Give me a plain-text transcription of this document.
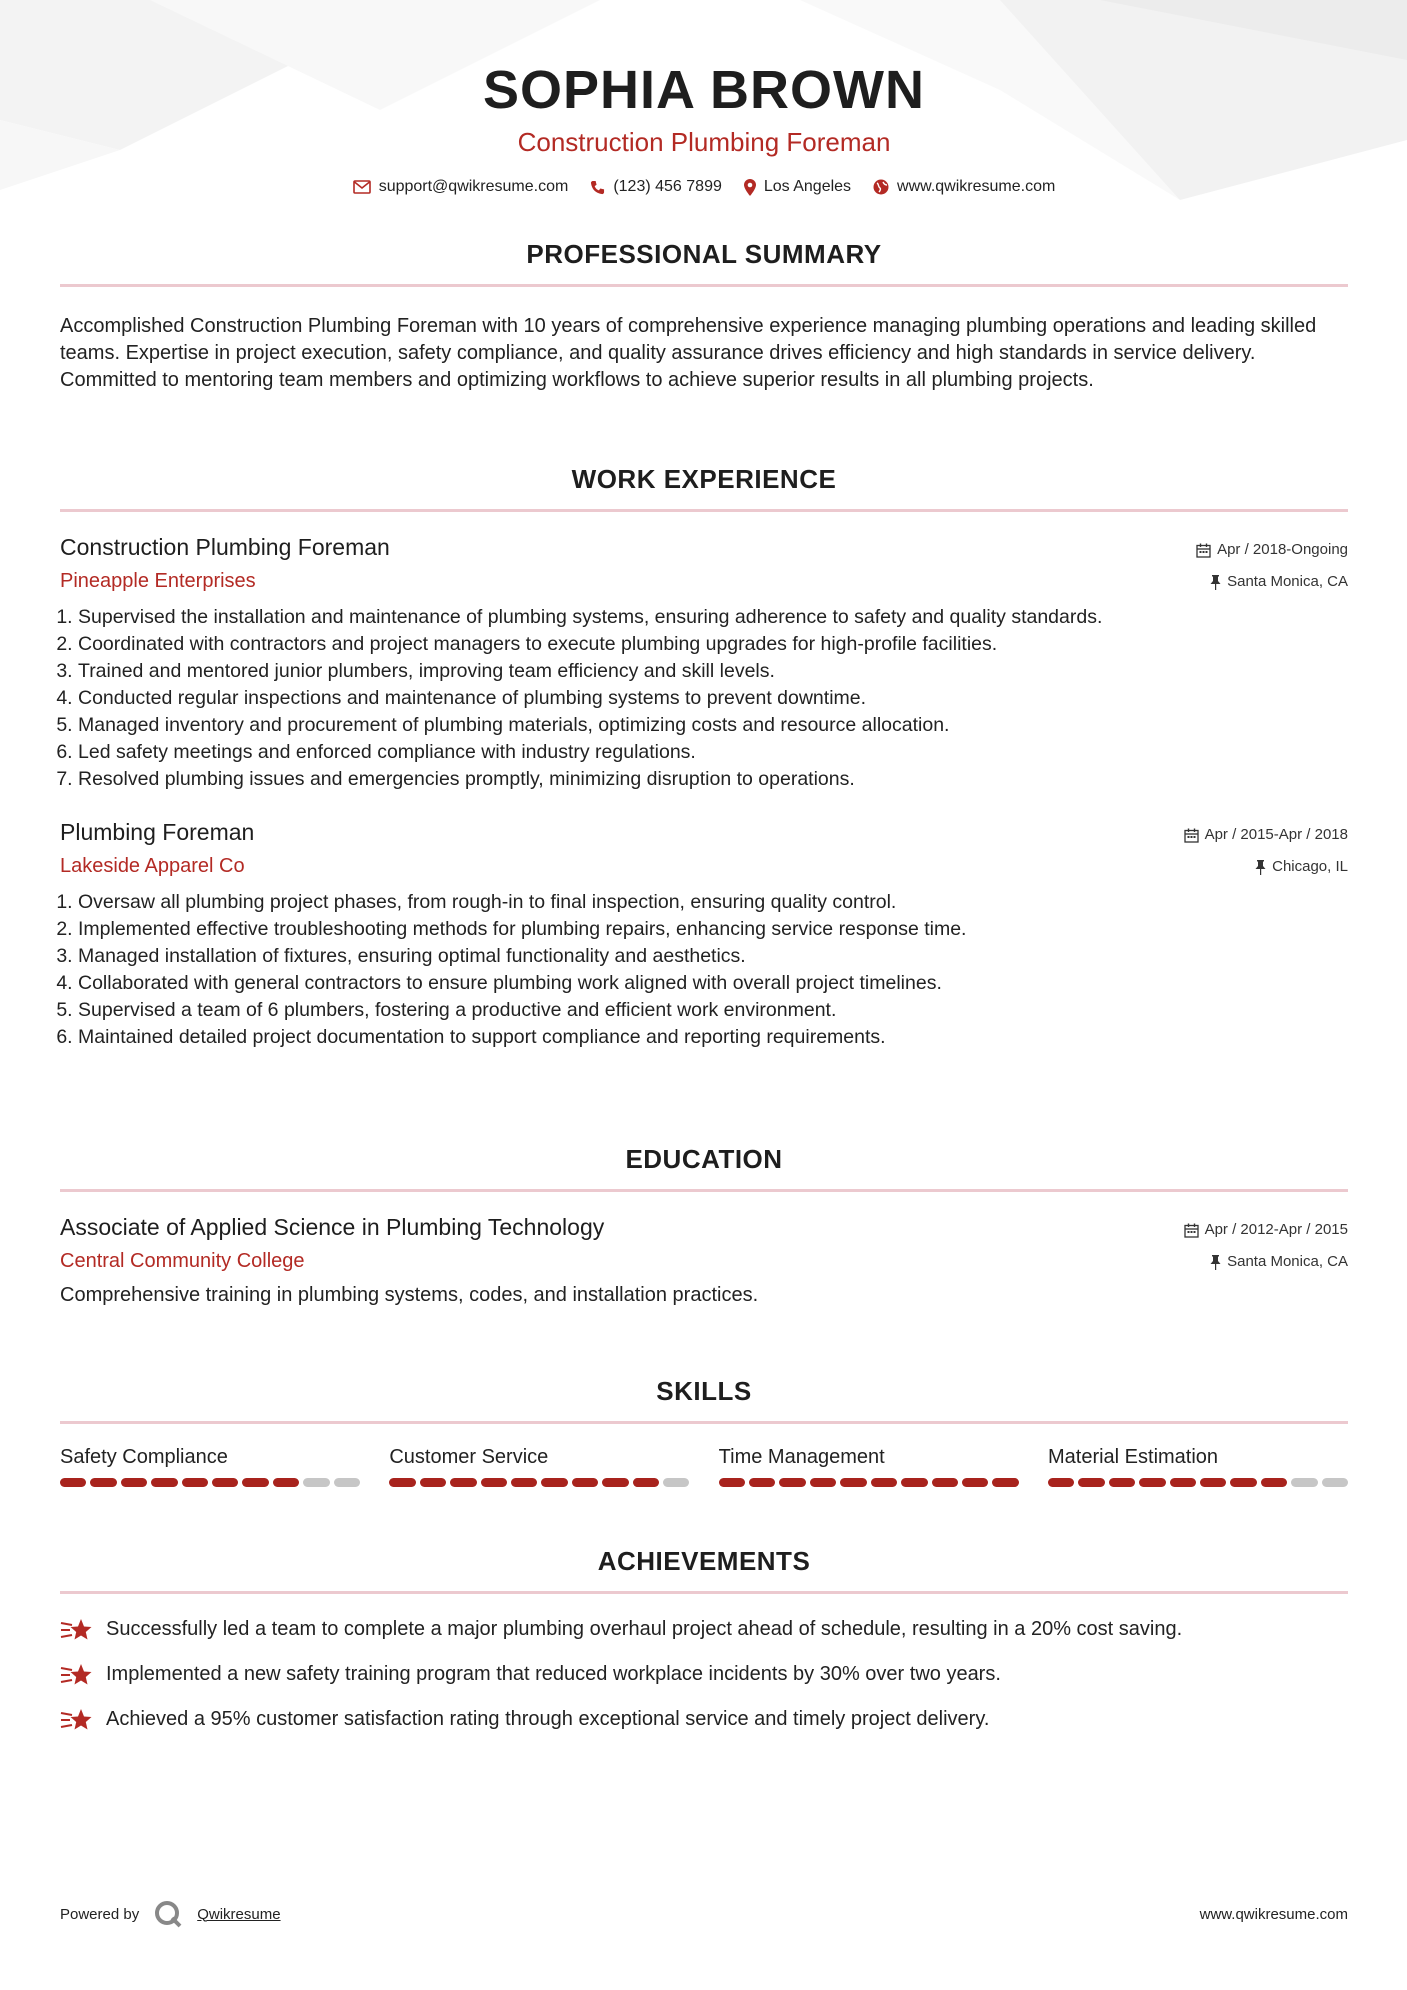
SOPHIA BROWN
Construction Plumbing Foreman
support@qwikresume.com	(123) 456 7899	Los Angeles	www.qwikresume.com
PROFESSIONAL SUMMARY

Accomplished Construction Plumbing Foreman with 10 years of comprehensive experience managing plumbing operations and leading skilled teams. Expertise in project execution, safety compliance, and quality assurance drives efficiency and high standards in service delivery. Committed to mentoring team members and optimizing workflows to achieve superior results in all plumbing projects.

WORK EXPERIENCE
Construction Plumbing Foreman
Pineapple Enterprises
Apr / 2018-Ongoing
Santa Monica, CA
1. Supervised the installation and maintenance of plumbing systems, ensuring adherence to safety and quality standards.
2. Coordinated with contractors and project managers to execute plumbing upgrades for high-profile facilities.
3. Trained and mentored junior plumbers, improving team efficiency and skill levels.
4. Conducted regular inspections and maintenance of plumbing systems to prevent downtime.
5. Managed inventory and procurement of plumbing materials, optimizing costs and resource allocation.
6. Led safety meetings and enforced compliance with industry regulations.
7. Resolved plumbing issues and emergencies promptly, minimizing disruption to operations.
Plumbing Foreman
Lakeside Apparel Co
Apr / 2015-Apr / 2018
Chicago, IL
1. Oversaw all plumbing project phases, from rough-in to final inspection, ensuring quality control.
2. Implemented effective troubleshooting methods for plumbing repairs, enhancing service response time.
3. Managed installation of fixtures, ensuring optimal functionality and aesthetics.
4. Collaborated with general contractors to ensure plumbing work aligned with overall project timelines.
5. Supervised a team of 6 plumbers, fostering a productive and efficient work environment.
6. Maintained detailed project documentation to support compliance and reporting requirements.
EDUCATION
Associate of Applied Science in Plumbing Technology
Central Community College
Apr / 2012-Apr / 2015
Santa Monica, CA
Comprehensive training in plumbing systems, codes, and installation practices.
SKILLS
Safety Compliance	Customer Service	Time Management	Material Estimation
ACHIEVEMENTS
Successfully led a team to complete a major plumbing overhaul project ahead of schedule, resulting in a 20% cost saving.
Implemented a new safety training program that reduced workplace incidents by 30% over two years.
Achieved a 95% customer satisfaction rating through exceptional service and timely project delivery.
Powered by	Qwikresume	www.qwikresume.com
